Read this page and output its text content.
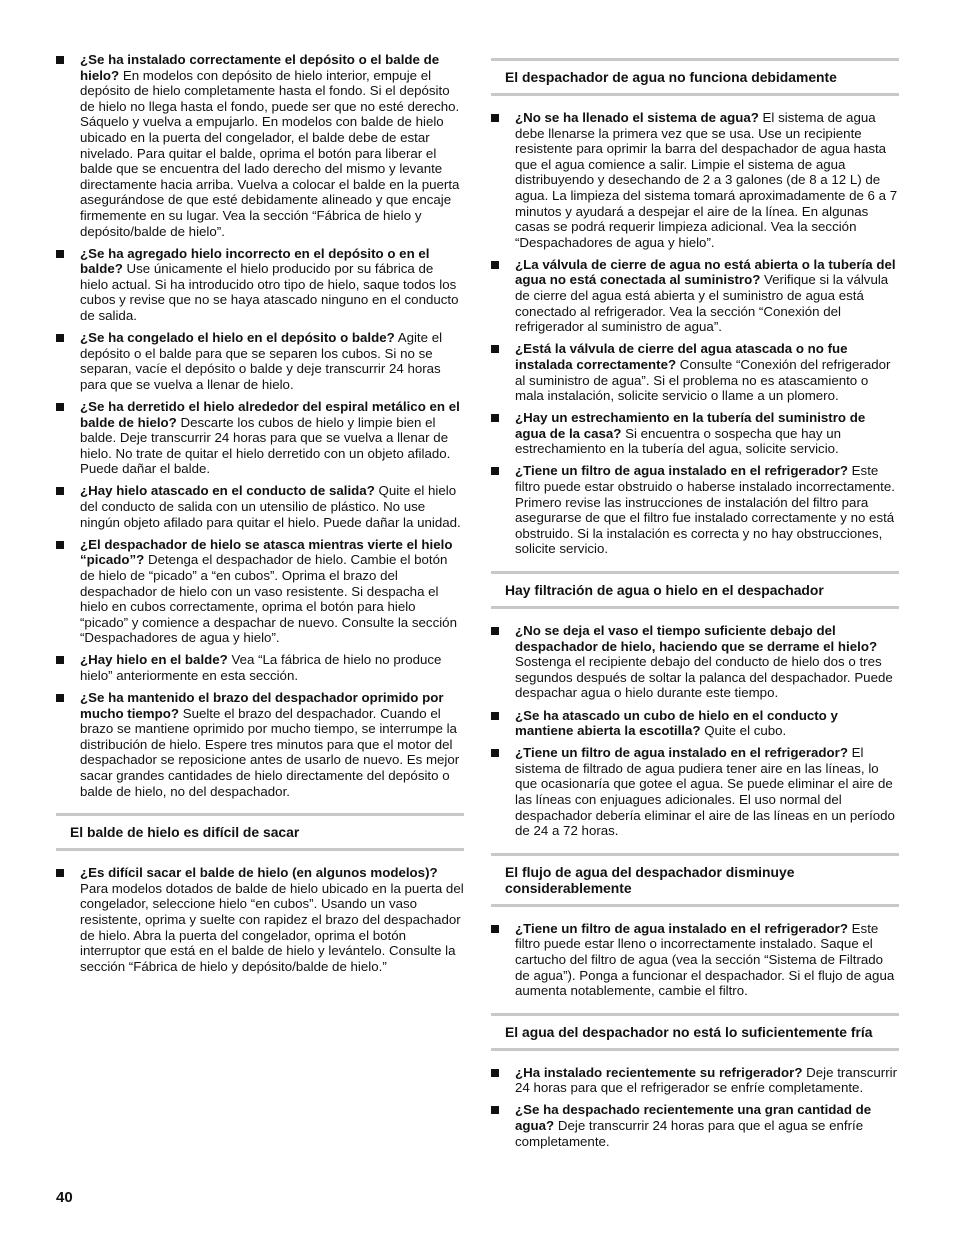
¿Se ha instalado correctamente el depósito o el balde de hielo? En modelos con depósito de hielo interior, empuje el depósito de hielo completamente hasta el fondo. Si el depósito de hielo no llega hasta el fondo, puede ser que no esté derecho. Sáquelo y vuelva a empujarlo. En modelos con balde de hielo ubicado en la puerta del congelador, el balde debe de estar nivelado. Para quitar el balde, oprima el botón para liberar el balde que se encuentra del lado derecho del mismo y levante directamente hacia arriba. Vuelva a colocar el balde en la puerta asegurándose de que esté debidamente alineado y que encaje firmemente en su lugar. Vea la sección “Fábrica de hielo y depósito/balde de hielo”.
¿Se ha agregado hielo incorrecto en el depósito o en el balde? Use únicamente el hielo producido por su fábrica de hielo actual. Si ha introducido otro tipo de hielo, saque todos los cubos y revise que no se haya atascado ninguno en el conducto de salida.
¿Se ha congelado el hielo en el depósito o balde? Agite el depósito o el balde para que se separen los cubos. Si no se separan, vacíe el depósito o balde y deje transcurrir 24 horas para que se vuelva a llenar de hielo.
¿Se ha derretido el hielo alrededor del espiral metálico en el balde de hielo? Descarte los cubos de hielo y limpie bien el balde. Deje transcurrir 24 horas para que se vuelva a llenar de hielo. No trate de quitar el hielo derretido con un objeto afilado. Puede dañar el balde.
¿Hay hielo atascado en el conducto de salida? Quite el hielo del conducto de salida con un utensilio de plástico. No use ningún objeto afilado para quitar el hielo. Puede dañar la unidad.
¿El despachador de hielo se atasca mientras vierte el hielo “picado”? Detenga el despachador de hielo. Cambie el botón de hielo de “picado” a “en cubos”. Oprima el brazo del despachador de hielo con un vaso resistente. Si despacha el hielo en cubos correctamente, oprima el botón para hielo “picado” y comience a despachar de nuevo. Consulte la sección “Despachadores de agua y hielo”.
¿Hay hielo en el balde? Vea “La fábrica de hielo no produce hielo” anteriormente en esta sección.
¿Se ha mantenido el brazo del despachador oprimido por mucho tiempo? Suelte el brazo del despachador. Cuando el brazo se mantiene oprimido por mucho tiempo, se interrumpe la distribución de hielo. Espere tres minutos para que el motor del despachador se reposicione antes de usarlo de nuevo. Es mejor sacar grandes cantidades de hielo directamente del depósito o balde de hielo, no del despachador.
El balde de hielo es difícil de sacar
¿Es difícil sacar el balde de hielo (en algunos modelos)? Para modelos dotados de balde de hielo ubicado en la puerta del congelador, seleccione hielo “en cubos”. Usando un vaso resistente, oprima y suelte con rapidez el brazo del despachador de hielo. Abra la puerta del congelador, oprima el botón interruptor que está en el balde de hielo y levántelo. Consulte la sección “Fábrica de hielo y depósito/balde de hielo.”
El despachador de agua no funciona debidamente
¿No se ha llenado el sistema de agua? El sistema de agua debe llenarse la primera vez que se usa. Use un recipiente resistente para oprimir la barra del despachador de agua hasta que el agua comience a salir. Limpie el sistema de agua distribuyendo y desechando de 2 a 3 galones (de 8 a 12 L) de agua. La limpieza del sistema tomará aproximadamente de 6 a 7 minutos y ayudará a despejar el aire de la línea. En algunas casas se podrá requerir limpieza adicional. Vea la sección “Despachadores de agua y hielo”.
¿La válvula de cierre de agua no está abierta o la tubería del agua no está conectada al suministro? Verifique si la válvula de cierre del agua está abierta y el suministro de agua está conectado al refrigerador. Vea la sección “Conexión del refrigerador al suministro de agua”.
¿Está la válvula de cierre del agua atascada o no fue instalada correctamente? Consulte “Conexión del refrigerador al suministro de agua”. Si el problema no es atascamiento o mala instalación, solicite servicio o llame a un plomero.
¿Hay un estrechamiento en la tubería del suministro de agua de la casa? Si encuentra o sospecha que hay un estrechamiento en la tubería del agua, solicite servicio.
¿Tiene un filtro de agua instalado en el refrigerador? Este filtro puede estar obstruido o haberse instalado incorrectamente. Primero revise las instrucciones de instalación del filtro para asegurarse de que el filtro fue instalado correctamente y no está obstruido. Si la instalación es correcta y no hay obstrucciones, solicite servicio.
Hay filtración de agua o hielo en el despachador
¿No se deja el vaso el tiempo suficiente debajo del despachador de hielo, haciendo que se derrame el hielo? Sostenga el recipiente debajo del conducto de hielo dos o tres segundos después de soltar la palanca del despachador. Puede despachar agua o hielo durante este tiempo.
¿Se ha atascado un cubo de hielo en el conducto y mantiene abierta la escotilla? Quite el cubo.
¿Tiene un filtro de agua instalado en el refrigerador? El sistema de filtrado de agua pudiera tener aire en las líneas, lo que ocasionaría que gotee el agua. Se puede eliminar el aire de las líneas con enjuagues adicionales. El uso normal del despachador debería eliminar el aire de las líneas en un período de 24 a 72 horas.
El flujo de agua del despachador disminuye considerablemente
¿Tiene un filtro de agua instalado en el refrigerador? Este filtro puede estar lleno o incorrectamente instalado. Saque el cartucho del filtro de agua (vea la sección “Sistema de Filtrado de agua”). Ponga a funcionar el despachador. Si el flujo de agua aumenta notablemente, cambie el filtro.
El agua del despachador no está lo suficientemente fría
¿Ha instalado recientemente su refrigerador? Deje transcurrir 24 horas para que el refrigerador se enfríe completamente.
¿Se ha despachado recientemente una gran cantidad de agua? Deje transcurrir 24 horas para que el agua se enfríe completamente.
40
